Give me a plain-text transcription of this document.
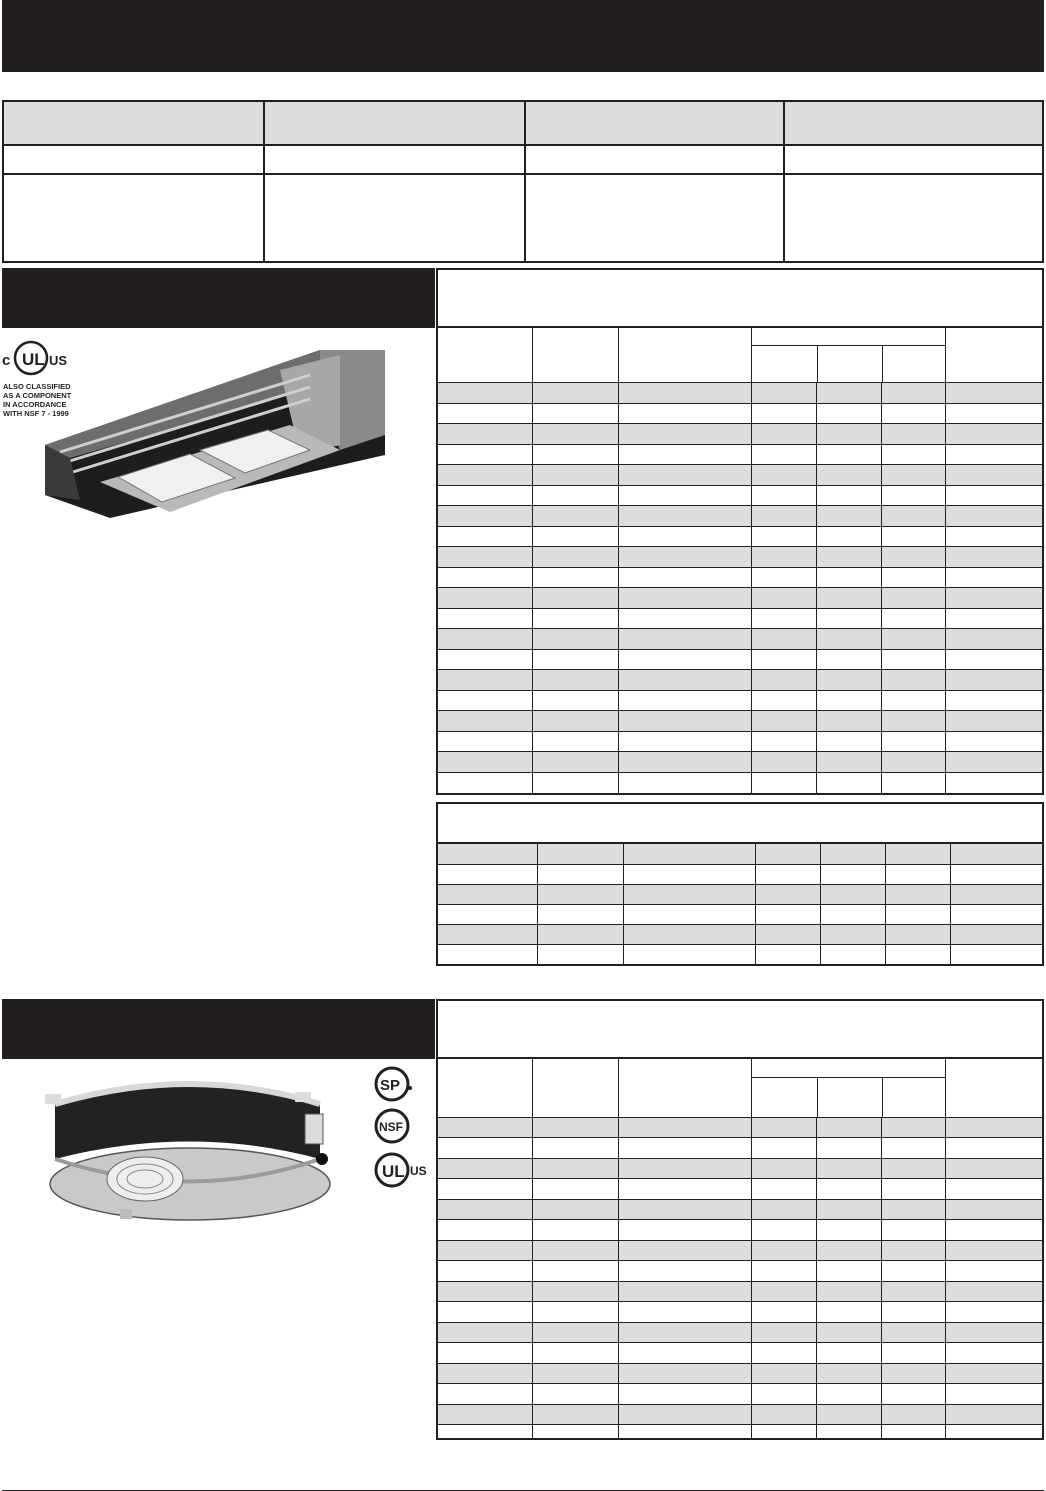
c UL US
ALSO CLASSIFIED AS A COMPONENT IN ACCORDANCE WITH NSF 7 - 1999
SP
NSF
UL US
